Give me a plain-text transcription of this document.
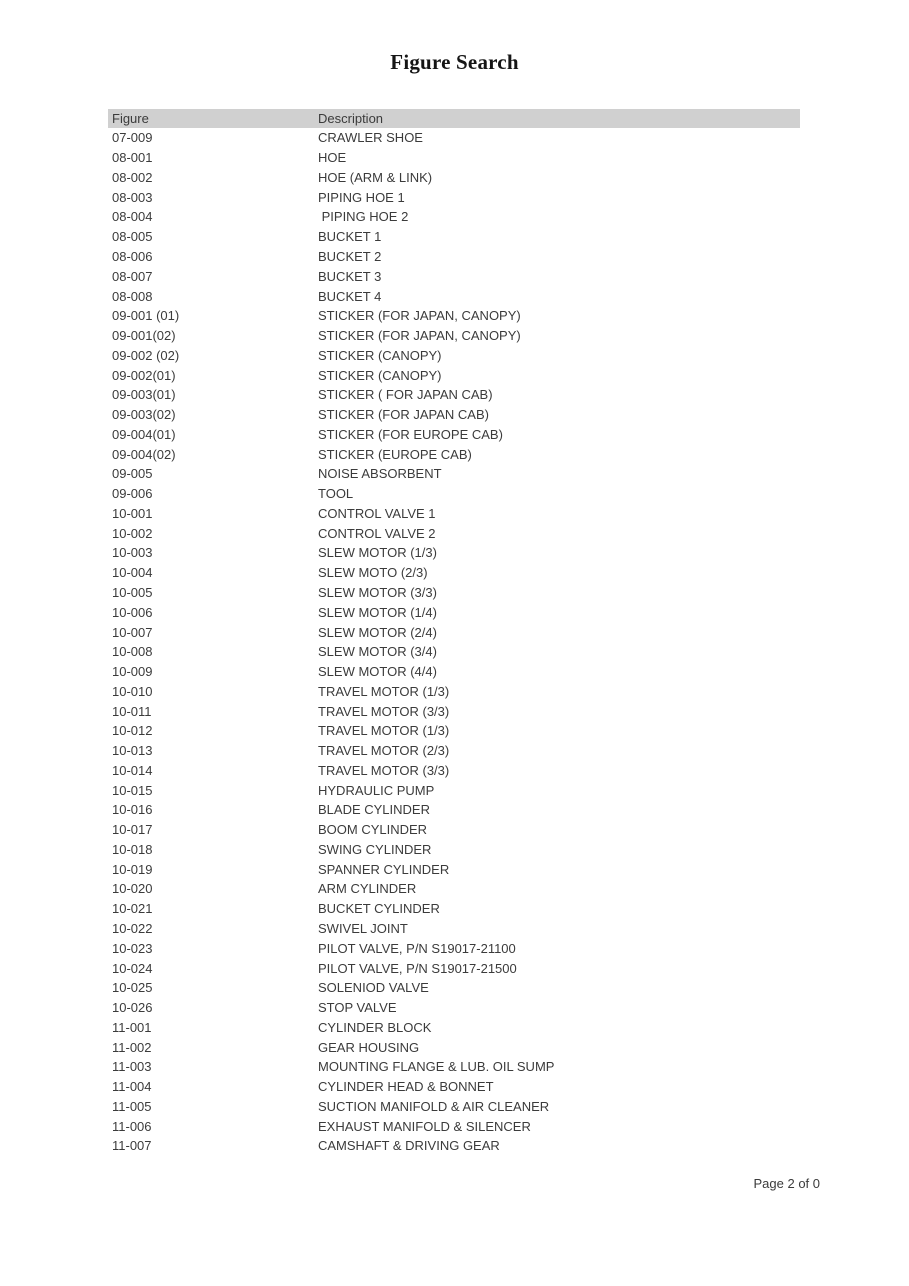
Figure Search
Figure	Description
07-009	CRAWLER SHOE
08-001	HOE
08-002	HOE (ARM & LINK)
08-003	PIPING HOE 1
08-004	PIPING HOE 2
08-005	BUCKET 1
08-006	BUCKET 2
08-007	BUCKET 3
08-008	BUCKET 4
09-001 (01)	STICKER (FOR JAPAN, CANOPY)
09-001(02)	STICKER (FOR JAPAN, CANOPY)
09-002 (02)	STICKER (CANOPY)
09-002(01)	STICKER (CANOPY)
09-003(01)	STICKER ( FOR JAPAN CAB)
09-003(02)	STICKER (FOR JAPAN CAB)
09-004(01)	STICKER (FOR EUROPE CAB)
09-004(02)	STICKER (EUROPE CAB)
09-005	NOISE ABSORBENT
09-006	TOOL
10-001	CONTROL VALVE 1
10-002	CONTROL VALVE 2
10-003	SLEW MOTOR (1/3)
10-004	SLEW MOTO (2/3)
10-005	SLEW MOTOR (3/3)
10-006	SLEW MOTOR (1/4)
10-007	SLEW MOTOR (2/4)
10-008	SLEW MOTOR (3/4)
10-009	SLEW MOTOR (4/4)
10-010	TRAVEL MOTOR (1/3)
10-011	TRAVEL MOTOR (3/3)
10-012	TRAVEL MOTOR (1/3)
10-013	TRAVEL MOTOR (2/3)
10-014	TRAVEL MOTOR (3/3)
10-015	HYDRAULIC PUMP
10-016	BLADE CYLINDER
10-017	BOOM CYLINDER
10-018	SWING CYLINDER
10-019	SPANNER CYLINDER
10-020	ARM CYLINDER
10-021	BUCKET CYLINDER
10-022	SWIVEL JOINT
10-023	PILOT VALVE, P/N S19017-21100
10-024	PILOT VALVE, P/N S19017-21500
10-025	SOLENIOD VALVE
10-026	STOP VALVE
11-001	CYLINDER BLOCK
11-002	GEAR HOUSING
11-003	MOUNTING FLANGE & LUB. OIL SUMP
11-004	CYLINDER HEAD & BONNET
11-005	SUCTION MANIFOLD & AIR CLEANER
11-006	EXHAUST MANIFOLD & SILENCER
11-007	CAMSHAFT & DRIVING GEAR
Page 2 of 0
